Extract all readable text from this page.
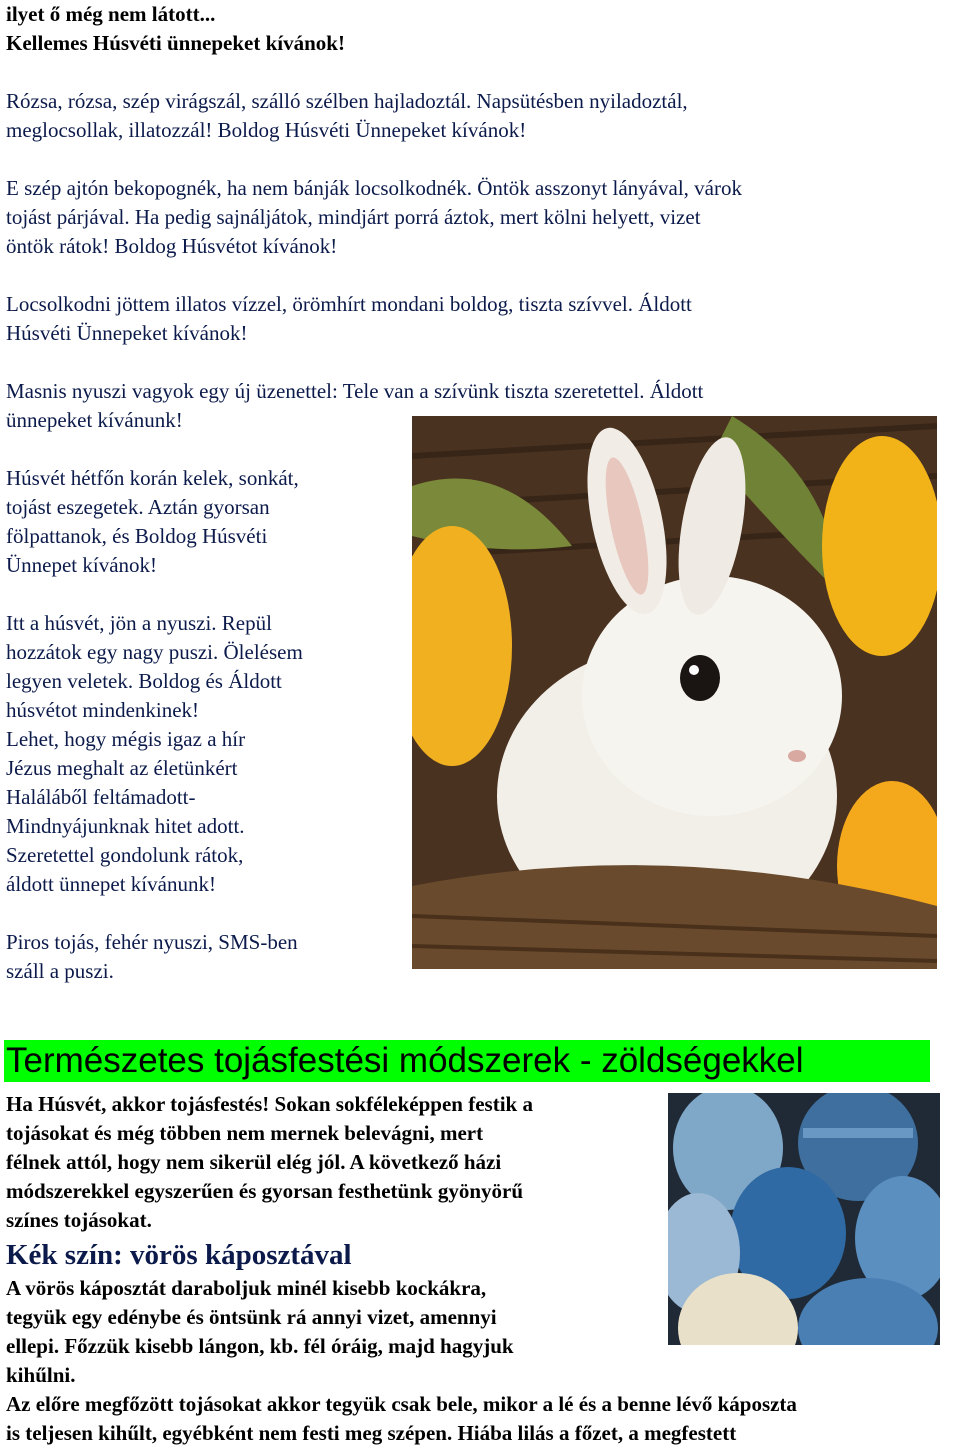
ilyet ő még nem látott...

Kellemes Húsvéti ünnepeket kívánok!

Rózsa, rózsa, szép virágszál, szálló szélben hajladoztál. Napsütésben nyiladoztál,

meglocsollak, illatozzál! Boldog Húsvéti Ünnepeket kívánok!

E szép ajtón bekopognék, ha nem bánják locsolkodnék. Öntök asszonyt lányával, várok

tojást párjával. Ha pedig sajnáljátok, mindjárt porrá áztok, mert kölni helyett, vizet

öntök rátok! Boldog Húsvétot kívánok!

Locsolkodni jöttem illatos vízzel, örömhírt mondani boldog, tiszta szívvel. Áldott

Húsvéti Ünnepeket kívánok!

Masnis nyuszi vagyok egy új üzenettel: Tele van a szívünk tiszta szeretettel. Áldott

ünnepeket kívánunk!

Húsvét hétfőn korán kelek, sonkát,

tojást eszegetek. Aztán gyorsan

fölpattanok, és Boldog Húsvéti

Ünnepet kívánok!

Itt a húsvét, jön a nyuszi. Repül

hozzátok egy nagy puszi. Ölelésem

legyen veletek. Boldog és Áldott

húsvétot mindenkinek!

Lehet, hogy mégis igaz a hír

Jézus meghalt az életünkért

Haláláből feltámadott-

Mindnyájunknak hitet adott.

Szeretettel gondolunk rátok,

áldott ünnepet kívánunk!

Piros tojás, fehér nyuszi, SMS-ben

száll a puszi.

Természetes tojásfestési módszerek - zöldségekkel

Ha Húsvét, akkor tojásfestés! Sokan sokféleképpen festik a

tojásokat és még többen nem mernek belevágni, mert

félnek attól, hogy nem sikerül elég jól. A következő házi

módszerekkel egyszerűen és gyorsan festhetünk gyönyörű

színes tojásokat.

Kék szín: vörös káposztával

A vörös káposztát daraboljuk minél kisebb kockákra,

tegyük egy edénybe és öntsünk rá annyi vizet, amennyi

ellepi. Főzzük kisebb lángon, kb. fél óráig, majd hagyjuk

kihűlni.

Az előre megfőzött tojásokat akkor tegyük csak bele, mikor a lé és a benne lévő káposzta

is teljesen kihűlt, egyébként nem festi meg szépen. Hiába lilás a főzet, a megfestett
